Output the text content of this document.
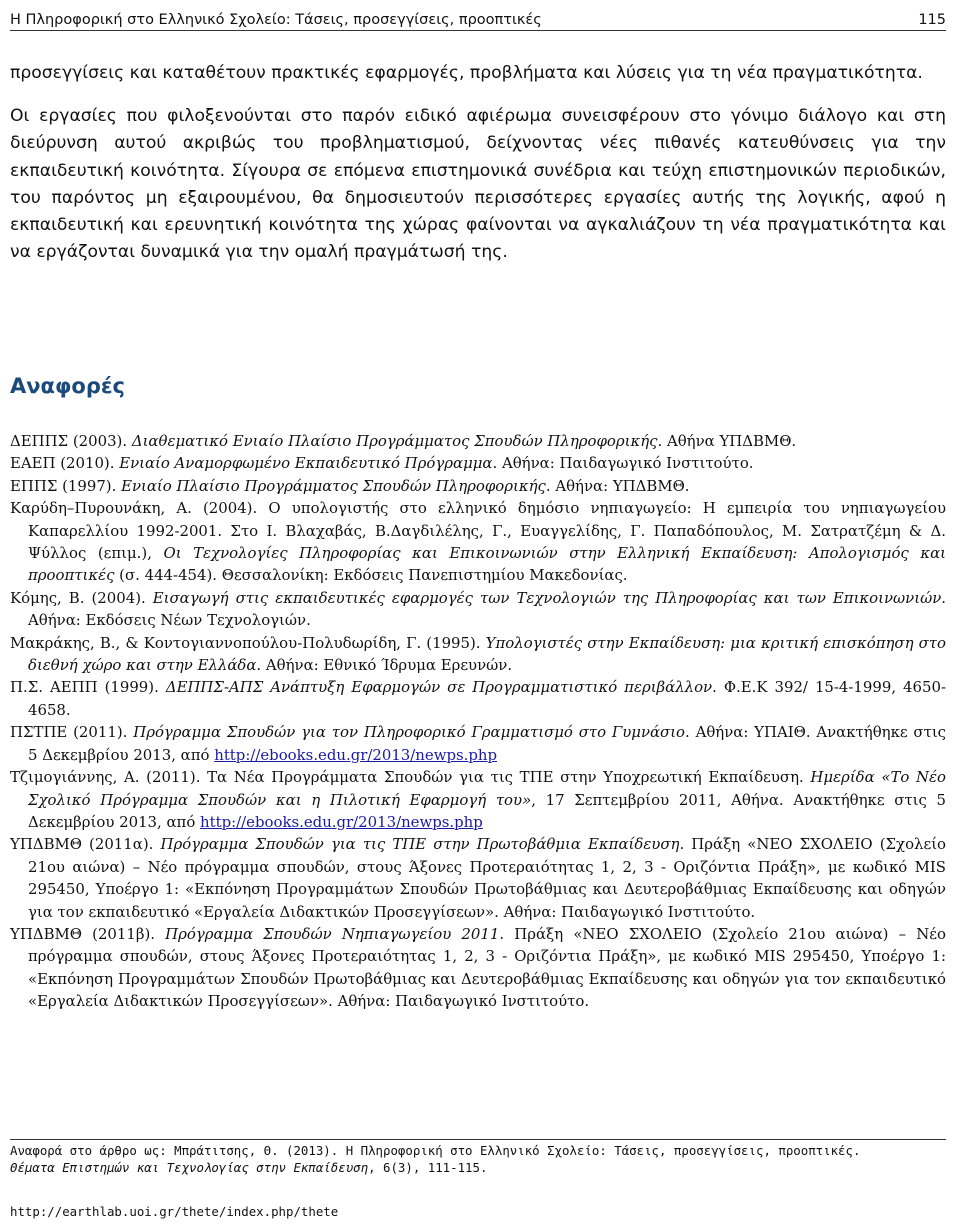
Η Πληροφορική στο Ελληνικό Σχολείο: Τάσεις, προσεγγίσεις, προοπτικές	115

προσεγγίσεις και καταθέτουν πρακτικές εφαρμογές, προβλήματα και λύσεις για τη νέα πραγματικότητα.

Οι εργασίες που φιλοξενούνται στο παρόν ειδικό αφιέρωμα συνεισφέρουν στο γόνιμο διάλογο και στη διεύρυνση αυτού ακριβώς του προβληματισμού, δείχνοντας νέες πιθανές κατευθύνσεις για την εκπαιδευτική κοινότητα. Σίγουρα σε επόμενα επιστημονικά συνέδρια και τεύχη επιστημονικών περιοδικών, του παρόντος μη εξαιρουμένου, θα δημοσιευτούν περισσότερες εργασίες αυτής της λογικής, αφού η εκπαιδευτική και ερευνητική κοινότητα της χώρας φαίνονται να αγκαλιάζουν τη νέα πραγματικότητα και να εργάζονται δυναμικά για την ομαλή πραγμάτωσή της.

Αναφορές

ΔΕΠΠΣ (2003). Διαθεματικό Ενιαίο Πλαίσιο Προγράμματος Σπουδών Πληροφορικής. Αθήνα ΥΠΔΒΜΘ.

ΕΑΕΠ (2010). Ενιαίο Αναμορφωμένο Εκπαιδευτικό Πρόγραμμα. Αθήνα: Παιδαγωγικό Ινστιτούτο.

ΕΠΠΣ (1997). Ενιαίο Πλαίσιο Προγράμματος Σπουδών Πληροφορικής. Αθήνα: ΥΠΔΒΜΘ.

Καρύδη–Πυρουνάκη, Α. (2004). Ο υπολογιστής στο ελληνικό δημόσιο νηπιαγωγείο: Η εμπειρία του νηπιαγωγείου Καπαρελλίου 1992-2001. Στο Ι. Βλαχαβάς, Β.Δαγδιλέλης, Γ., Ευαγγελίδης, Γ. Παπαδόπουλος, Μ. Σατρατζέμη & Δ. Ψύλλος (επιμ.), Οι Τεχνολογίες Πληροφορίας και Επικοινωνιών στην Ελληνική Εκπαίδευση: Απολογισμός και προοπτικές (σ. 444-454). Θεσσαλονίκη: Εκδόσεις Πανεπιστημίου Μακεδονίας.

Κόμης, Β. (2004). Εισαγωγή στις εκπαιδευτικές εφαρμογές των Τεχνολογιών της Πληροφορίας και των Επικοινωνιών. Αθήνα: Εκδόσεις Νέων Τεχνολογιών.

Μακράκης, Β., & Κοντογιαννοπούλου-Πολυδωρίδη, Γ. (1995). Υπολογιστές στην Εκπαίδευση: μια κριτική επισκόπηση στο διεθνή χώρο και στην Ελλάδα. Αθήνα: Εθνικό Ίδρυμα Ερευνών.

Π.Σ. ΑΕΠΠ (1999). ΔΕΠΠΣ-ΑΠΣ Ανάπτυξη Εφαρμογών σε Προγραμματιστικό περιβάλλον. Φ.Ε.Κ 392/ 15-4-1999, 4650-4658.

ΠΣΤΠΕ (2011). Πρόγραμμα Σπουδών για τον Πληροφορικό Γραμματισμό στο Γυμνάσιο. Αθήνα: ΥΠΑΙΘ. Ανακτήθηκε στις 5 Δεκεμβρίου 2013, από http://ebooks.edu.gr/2013/newps.php

Τζιμογιάννης, Α. (2011). Τα Νέα Προγράμματα Σπουδών για τις ΤΠΕ στην Υποχρεωτική Εκπαίδευση. Ημερίδα «Το Νέο Σχολικό Πρόγραμμα Σπουδών και η Πιλοτική Εφαρμογή του», 17 Σεπτεμβρίου 2011, Αθήνα. Ανακτήθηκε στις 5 Δεκεμβρίου 2013, από http://ebooks.edu.gr/2013/newps.php

ΥΠΔΒΜΘ (2011α). Πρόγραμμα Σπουδών για τις ΤΠΕ στην Πρωτοβάθμια Εκπαίδευση. Πράξη «ΝΕΟ ΣΧΟΛΕΙΟ (Σχολείο 21ου αιώνα) – Νέο πρόγραμμα σπουδών, στους Άξονες Προτεραιότητας 1, 2, 3 - Οριζόντια Πράξη», με κωδικό MIS 295450, Υποέργο 1: «Εκπόνηση Προγραμμάτων Σπουδών Πρωτοβάθμιας και Δευτεροβάθμιας Εκπαίδευσης και οδηγών για τον εκπαιδευτικό «Εργαλεία Διδακτικών Προσεγγίσεων». Αθήνα: Παιδαγωγικό Ινστιτούτο.

ΥΠΔΒΜΘ (2011β). Πρόγραμμα Σπουδών Νηπιαγωγείου 2011. Πράξη «ΝΕΟ ΣΧΟΛΕΙΟ (Σχολείο 21ου αιώνα) – Νέο πρόγραμμα σπουδών, στους Άξονες Προτεραιότητας 1, 2, 3 - Οριζόντια Πράξη», με κωδικό MIS 295450, Υποέργο 1: «Εκπόνηση Προγραμμάτων Σπουδών Πρωτοβάθμιας και Δευτεροβάθμιας Εκπαίδευσης και οδηγών για τον εκπαιδευτικό «Εργαλεία Διδακτικών Προσεγγίσεων». Αθήνα: Παιδαγωγικό Ινστιτούτο.

Αναφορά στο άρθρο ως: Μπράτιτσης, Θ. (2013). Η Πληροφορική στο Ελληνικό Σχολείο: Τάσεις, προσεγγίσεις, προοπτικές.
Θέματα Επιστημών και Τεχνολογίας στην Εκπαίδευση, 6(3), 111-115.
http://earthlab.uoi.gr/thete/index.php/thete
